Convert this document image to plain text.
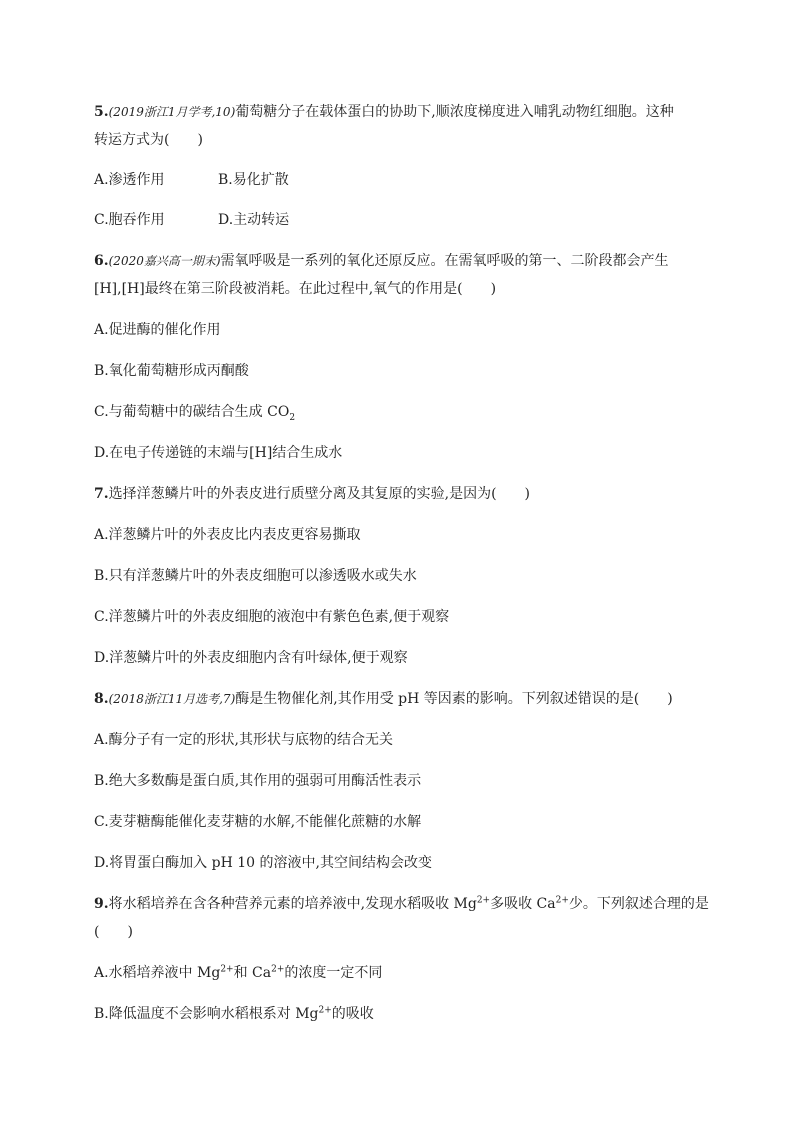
5.(2019浙江1月学考,10)葡萄糖分子在载体蛋白的协助下,顺浓度梯度进入哺乳动物红细胞。这种
转运方式为(　　)
A.渗透作用	B.易化扩散
C.胞吞作用	D.主动转运
6.(2020嘉兴高一期末)需氧呼吸是一系列的氧化还原反应。在需氧呼吸的第一、二阶段都会产生
[H],[H]最终在第三阶段被消耗。在此过程中,氧气的作用是(　　)
A.促进酶的催化作用
B.氧化葡萄糖形成丙酮酸
C.与葡萄糖中的碳结合生成 $CO_2$
D.在电子传递链的末端与[H]结合生成水
7.选择洋葱鳞片叶的外表皮进行质壁分离及其复原的实验,是因为(　　)
A.洋葱鳞片叶的外表皮比内表皮更容易撕取
B.只有洋葱鳞片叶的外表皮细胞可以渗透吸水或失水
C.洋葱鳞片叶的外表皮细胞的液泡中有紫色色素,便于观察
D.洋葱鳞片叶的外表皮细胞内含有叶绿体,便于观察
8.(2018浙江11月选考,7)酶是生物催化剂,其作用受 pH 等因素的影响。下列叙述错误的是(　　)
A.酶分子有一定的形状,其形状与底物的结合无关
B.绝大多数酶是蛋白质,其作用的强弱可用酶活性表示
C.麦芽糖酶能催化麦芽糖的水解,不能催化蔗糖的水解
D.将胃蛋白酶加入 pH 10 的溶液中,其空间结构会改变
9.将水稻培养在含各种营养元素的培养液中,发现水稻吸收 $Mg^{2+}$多吸收 $Ca^{2+}$少。下列叙述合理的是
(　　)
A.水稻培养液中 $Mg^{2+}$和 $Ca^{2+}$的浓度一定不同
B.降低温度不会影响水稻根系对 $Mg^{2+}$的吸收
